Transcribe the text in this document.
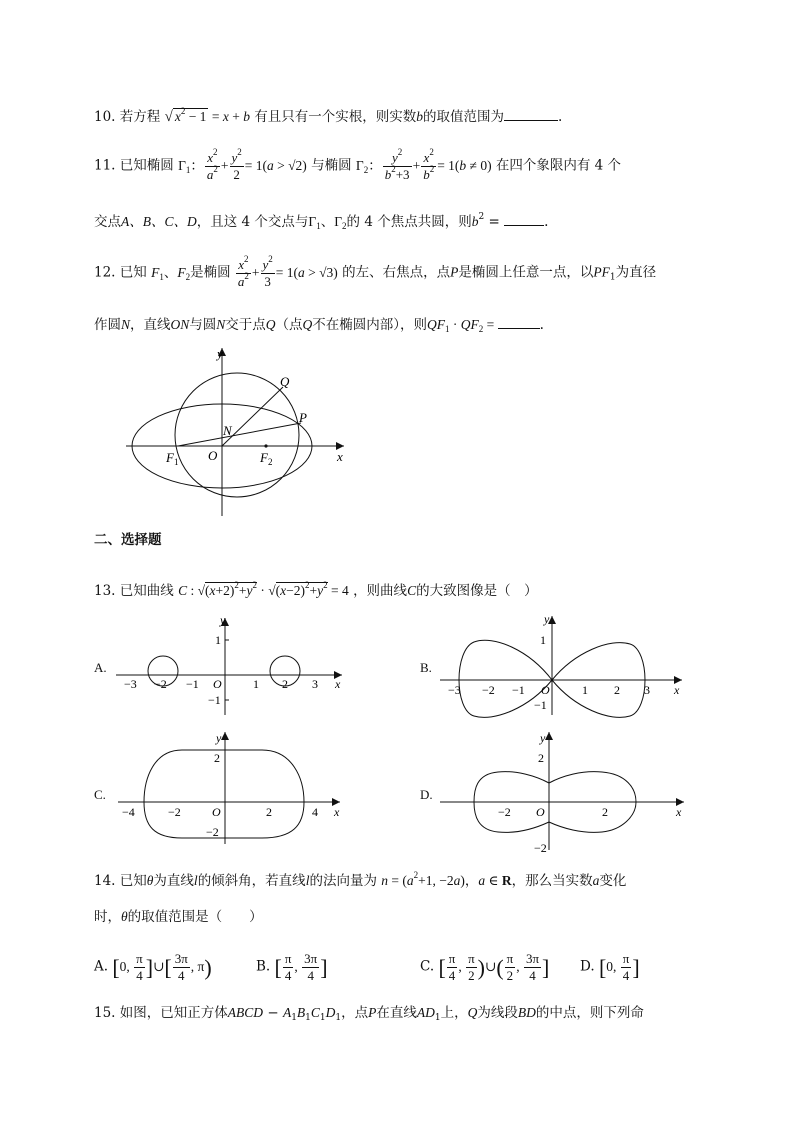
10. 若方程 √ $x^2 - 1 = x + b$ 有且只有一个实根，则实数b的取值范围为	.
11. 已知椭圆 $\Gamma_1$： $\frac{x^2}{a^2} + \frac{y^2}{2} = 1(a > √2)$ 与椭圆 $\Gamma_2$： $\frac{y^2}{b^2+3} + \frac{x^2}{b^2} = 1(b \ne 0)$ 在四个象限内有 4 个
交点A、B、C、D，且这 4 个交点与$\Gamma_1$、$\Gamma_2$的 4 个焦点共圆，则$b^2$ =	.
12. 已知 $F_1$、$F_2$是椭圆 $\frac{x^2}{a^2} + \frac{y^2}{3} = 1(a > √3)$ 的左、右焦点，点P是椭圆上任意一点，以$PF_1$为直径
作圆N，直线ON与圆N交于点Q（点Q不在椭圆内部），则$QF_1 \cdot QF_2$ =	.
y
x
O
N
Q
P
F 1	F 2
二、选择题
13. 已知曲线 C : $√(x+2)^2+y^2 \cdot √(x-2)^2+y^2 = 4$ ，则曲线C的大致图像是（　）
A.
y
x
1
−1
O
−3 −2 −1	1 2 3
B.
y
x
1
−1
O
−3 −2 −1	1 2 3
C.
y
x
2
−2
O
−4	−2	2	4
D.
y
x
2
−2
O
−2	2
14. 已知θ为直线l的倾斜角，若直线l的法向量为 $n = (a^2+1$, −2a)，a ∈ R，那么当实数a变化
时，θ的取值范围是（　　）
A. [0, $\frac{\pi}{4}$ ]∪[ $\frac{3\pi}{4}$ , π)	B. [ $\frac{\pi}{4}$ , $\frac{3\pi}{4}$ ]	C. [ $\frac{\pi}{4}$ , $\frac{\pi}{2}$ )∪( $\frac{\pi}{2}$ , $\frac{3\pi}{4}$ ] D. [0, $\frac{\pi}{4}$ ]
15. 如图，已知正方体ABCD − $A_1B_1C_1D_1$，点P在直线$AD_1$上，Q为线段BD的中点，则下列命
